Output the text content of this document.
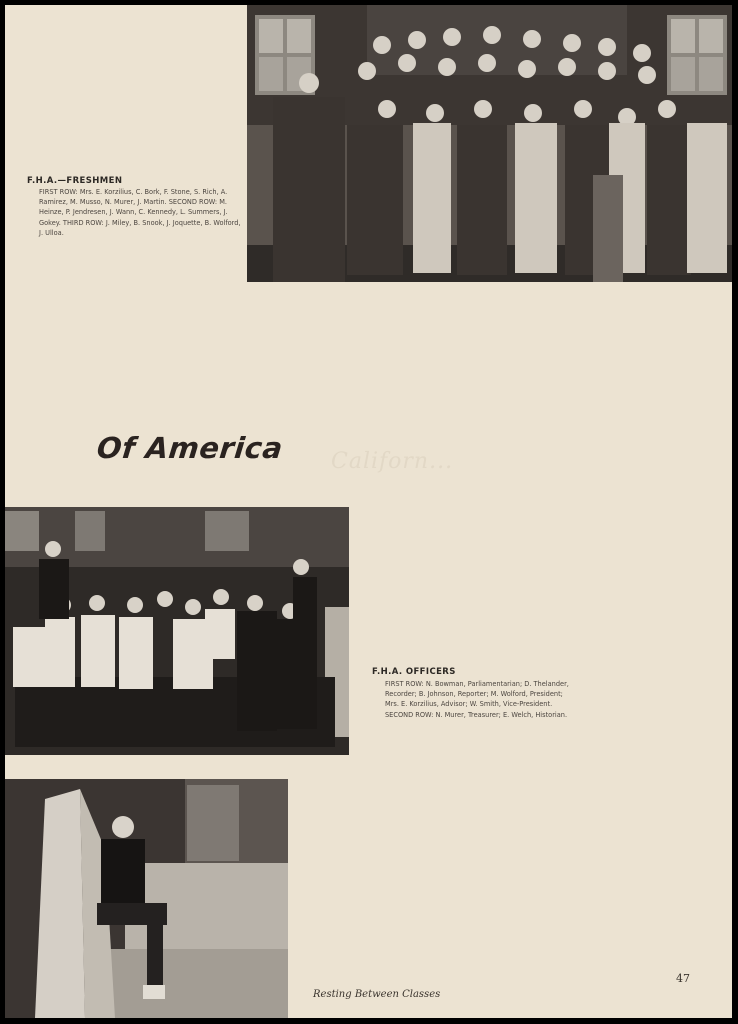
F.H.A.—FRESHMEN
FIRST ROW: Mrs. E. Korzilius, C. Bork, F. Stone, S. Rich, A. Ramirez, M. Musso, N. Murer, J. Martin. SECOND ROW: M. Heinze, P. Jendresen, J. Wann, C. Kennedy, L. Summers, J. Gokey. THIRD ROW: J. Miley, B. Snook, J. Joquette, B. Wolford, J. Ulloa.
Californ...
Of America
F.H.A. OFFICERS
FIRST ROW: N. Bowman, Parliamentarian; D. Thelander, Recorder; B. Johnson, Reporter; M. Wolford, President; Mrs. E. Korzilius, Advisor; W. Smith, Vice-President. SECOND ROW: N. Murer, Treasurer; E. Welch, Historian.
Resting Between Classes
47
